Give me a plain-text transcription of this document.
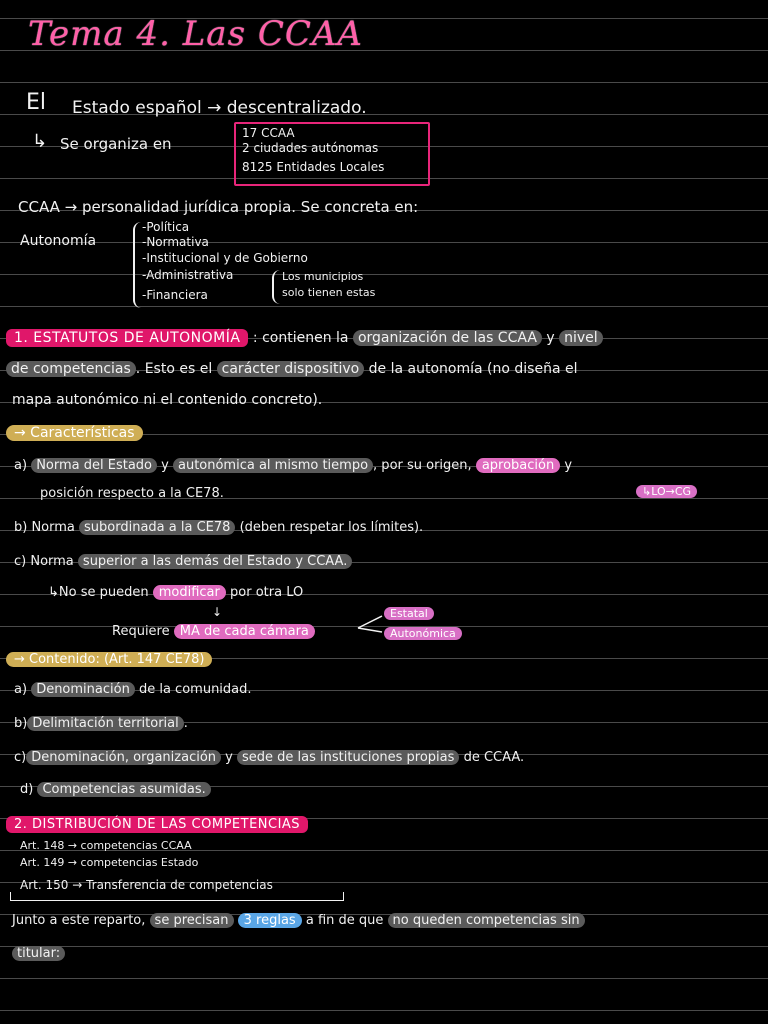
Tema 4. Las CCAA
El Estado español → descentralizado.
↳ Se organiza en
17 CCAA
2 ciudades autónomas
8125 Entidades Locales
CCAA → personalidad jurídica propia. Se concreta en:
Autonomía
-Política
-Normativa
-Institucional y de Gobierno
-Administrativa
-Financiera
Los municipios
solo tienen estas
1. ESTATUTOS DE AUTONOMÍA : contienen la organización de las CCAA y nivel
de competencias . Esto es el carácter dispositivo de la autonomía (no diseña el
mapa autonómico ni el contenido concreto).
→ Características
a) Norma del Estado y autonómica al mismo tiempo , por su origen, aprobación y
↳LO→CG
posición respecto a la CE78.
b) Norma subordinada a la CE78 (deben respetar los límites).
c) Norma superior a las demás del Estado y CCAA.
↳No se pueden modificar por otra LO
↓
Requiere MA de cada cámara
Estatal
Autonómica
→ Contenido: (Art. 147 CE78)
a) Denominación de la comunidad.
b) Delimitación territorial .
c) Denominación, organización y sede de las instituciones propias de CCAA.
d) Competencias asumidas.
2. DISTRIBUCIÓN DE LAS COMPETENCIAS
Art. 148 → competencias CCAA
Art. 149 → competencias Estado
Art. 150 → Transferencia de competencias
Junto a este reparto, se precisan 3 reglas a fin de que no queden competencias sin
titular:
